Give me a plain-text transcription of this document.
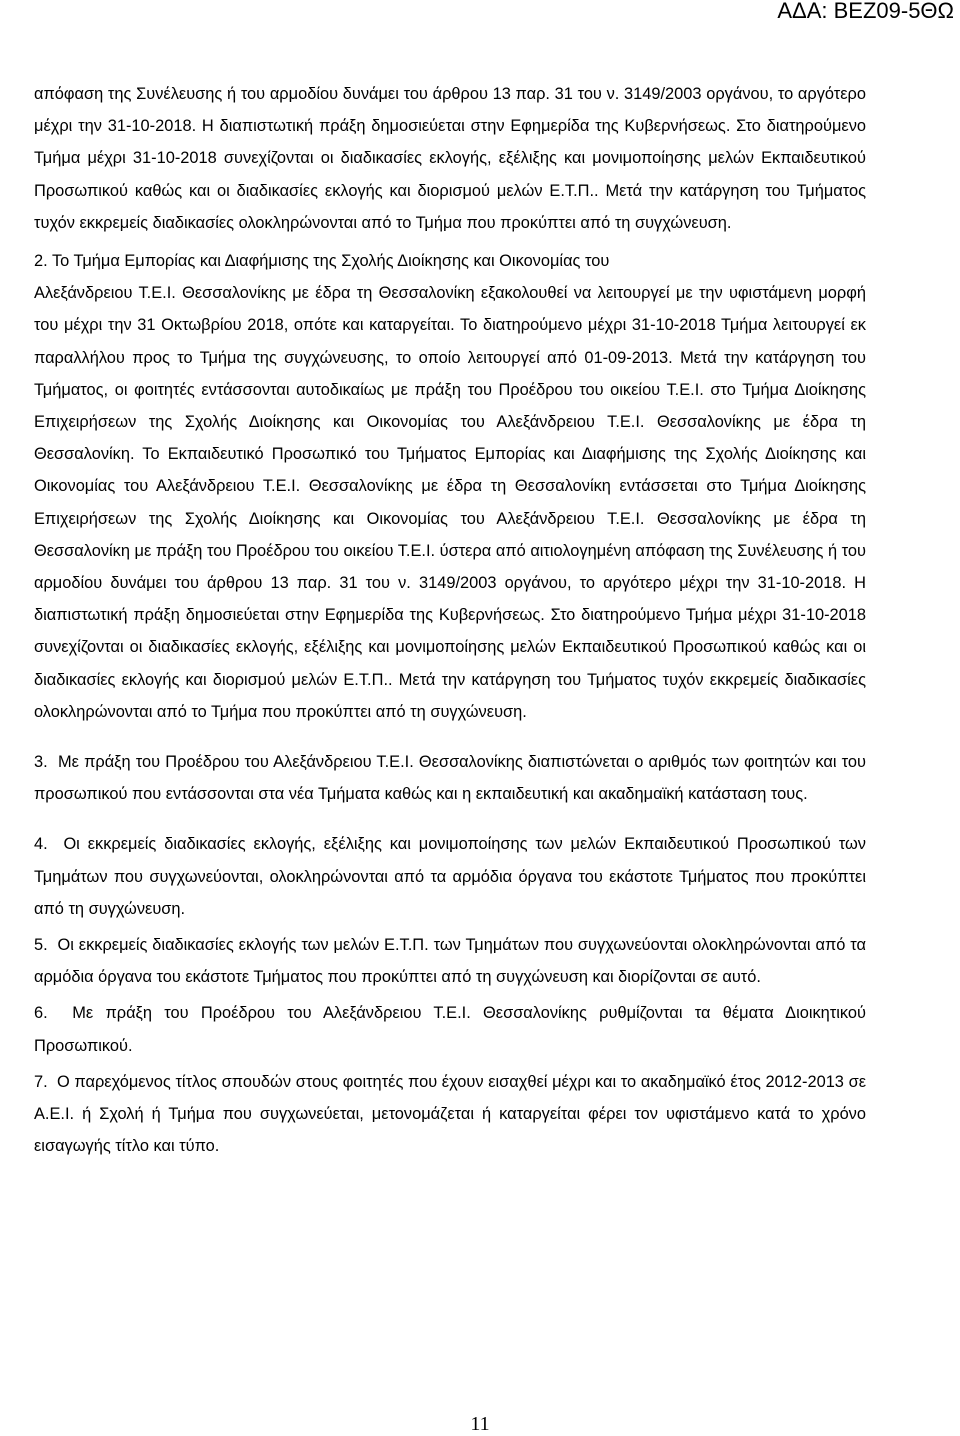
ΑΔΑ: ΒΕΖ09-5ΘΩ

απόφαση της Συνέλευσης ή του αρμοδίου δυνάμει του άρθρου 13 παρ. 31 του ν. 3149/2003 οργάνου, το αργότερο μέχρι την 31-10-2018. Η διαπιστωτική πράξη δημοσιεύεται στην Εφημερίδα της Κυβερνήσεως. Στο διατηρούμενο Τμήμα μέχρι 31-10-2018 συνεχίζονται οι διαδικασίες εκλογής, εξέλιξης και μονιμοποίησης μελών Εκπαιδευτικού Προσωπικού καθώς και οι διαδικασίες εκλογής και διορισμού μελών Ε.Τ.Π.. Μετά την κατάργηση του Τμήματος τυχόν εκκρεμείς διαδικασίες ολοκληρώνονται από το Τμήμα που προκύπτει από τη συγχώνευση.

2. Το Τμήμα Εμπορίας και Διαφήμισης της Σχολής Διοίκησης και Οικονομίας του

Αλεξάνδρειου Τ.Ε.Ι. Θεσσαλονίκης με έδρα τη Θεσσαλονίκη εξακολουθεί να λειτουργεί με την υφιστάμενη μορφή του μέχρι την 31 Οκτωβρίου 2018, οπότε και καταργείται. Το διατηρούμενο μέχρι 31-10-2018 Τμήμα λειτουργεί εκ παραλλήλου προς το Τμήμα της συγχώνευσης, το οποίο λειτουργεί από 01-09-2013. Μετά την κατάργηση του Τμήματος, οι φοιτητές εντάσσονται αυτοδικαίως με πράξη του Προέδρου του οικείου Τ.Ε.Ι. στο Τμήμα Διοίκησης Επιχειρήσεων της Σχολής Διοίκησης και Οικονομίας του Αλεξάνδρειου Τ.Ε.Ι. Θεσσαλονίκης με έδρα τη Θεσσαλονίκη. Το Εκπαιδευτικό Προσωπικό του Τμήματος Εμπορίας και Διαφήμισης της Σχολής Διοίκησης και Οικονομίας του Αλεξάνδρειου Τ.Ε.Ι. Θεσσαλονίκης με έδρα τη Θεσσαλονίκη εντάσσεται στο Τμήμα Διοίκησης Επιχειρήσεων της Σχολής Διοίκησης και Οικονομίας του Αλεξάνδρειου Τ.Ε.Ι. Θεσσαλονίκης με έδρα τη Θεσσαλονίκη με πράξη του Προέδρου του οικείου Τ.Ε.Ι. ύστερα από αιτιολογημένη απόφαση της Συνέλευσης ή του αρμοδίου δυνάμει του άρθρου 13 παρ. 31 του ν. 3149/2003 οργάνου, το αργότερο μέχρι την 31-10-2018. Η διαπιστωτική πράξη δημοσιεύεται στην Εφημερίδα της Κυβερνήσεως. Στο διατηρούμενο Τμήμα μέχρι 31-10-2018 συνεχίζονται οι διαδικασίες εκλογής, εξέλιξης και μονιμοποίησης μελών Εκπαιδευτικού Προσωπικού καθώς και οι διαδικασίες εκλογής και διορισμού μελών Ε.Τ.Π.. Μετά την κατάργηση του Τμήματος τυχόν εκκρεμείς διαδικασίες ολοκληρώνονται από το Τμήμα που προκύπτει από τη συγχώνευση.

3. Με πράξη του Προέδρου του Αλεξάνδρειου Τ.Ε.Ι. Θεσσαλονίκης διαπιστώνεται ο αριθμός των φοιτητών και του προσωπικού που εντάσσονται στα νέα Τμήματα καθώς και η εκπαιδευτική και ακαδημαϊκή κατάσταση τους.

4. Οι εκκρεμείς διαδικασίες εκλογής, εξέλιξης και μονιμοποίησης των μελών Εκπαιδευτικού Προσωπικού των Τμημάτων που συγχωνεύονται, ολοκληρώνονται από τα αρμόδια όργανα του εκάστοτε Τμήματος που προκύπτει από τη συγχώνευση.

5. Οι εκκρεμείς διαδικασίες εκλογής των μελών Ε.Τ.Π. των Τμημάτων που συγχωνεύονται ολοκληρώνονται από τα αρμόδια όργανα του εκάστοτε Τμήματος που προκύπτει από τη συγχώνευση και διορίζονται σε αυτό.

6. Με πράξη του Προέδρου του Αλεξάνδρειου Τ.Ε.Ι. Θεσσαλονίκης ρυθμίζονται τα θέματα Διοικητικού Προσωπικού.

7. Ο παρεχόμενος τίτλος σπουδών στους φοιτητές που έχουν εισαχθεί μέχρι και το ακαδημαϊκό έτος 2012-2013 σε Α.Ε.Ι. ή Σχολή ή Τμήμα που συγχωνεύεται, μετονομάζεται ή καταργείται φέρει τον υφιστάμενο κατά το χρόνο εισαγωγής τίτλο και τύπο.

11
